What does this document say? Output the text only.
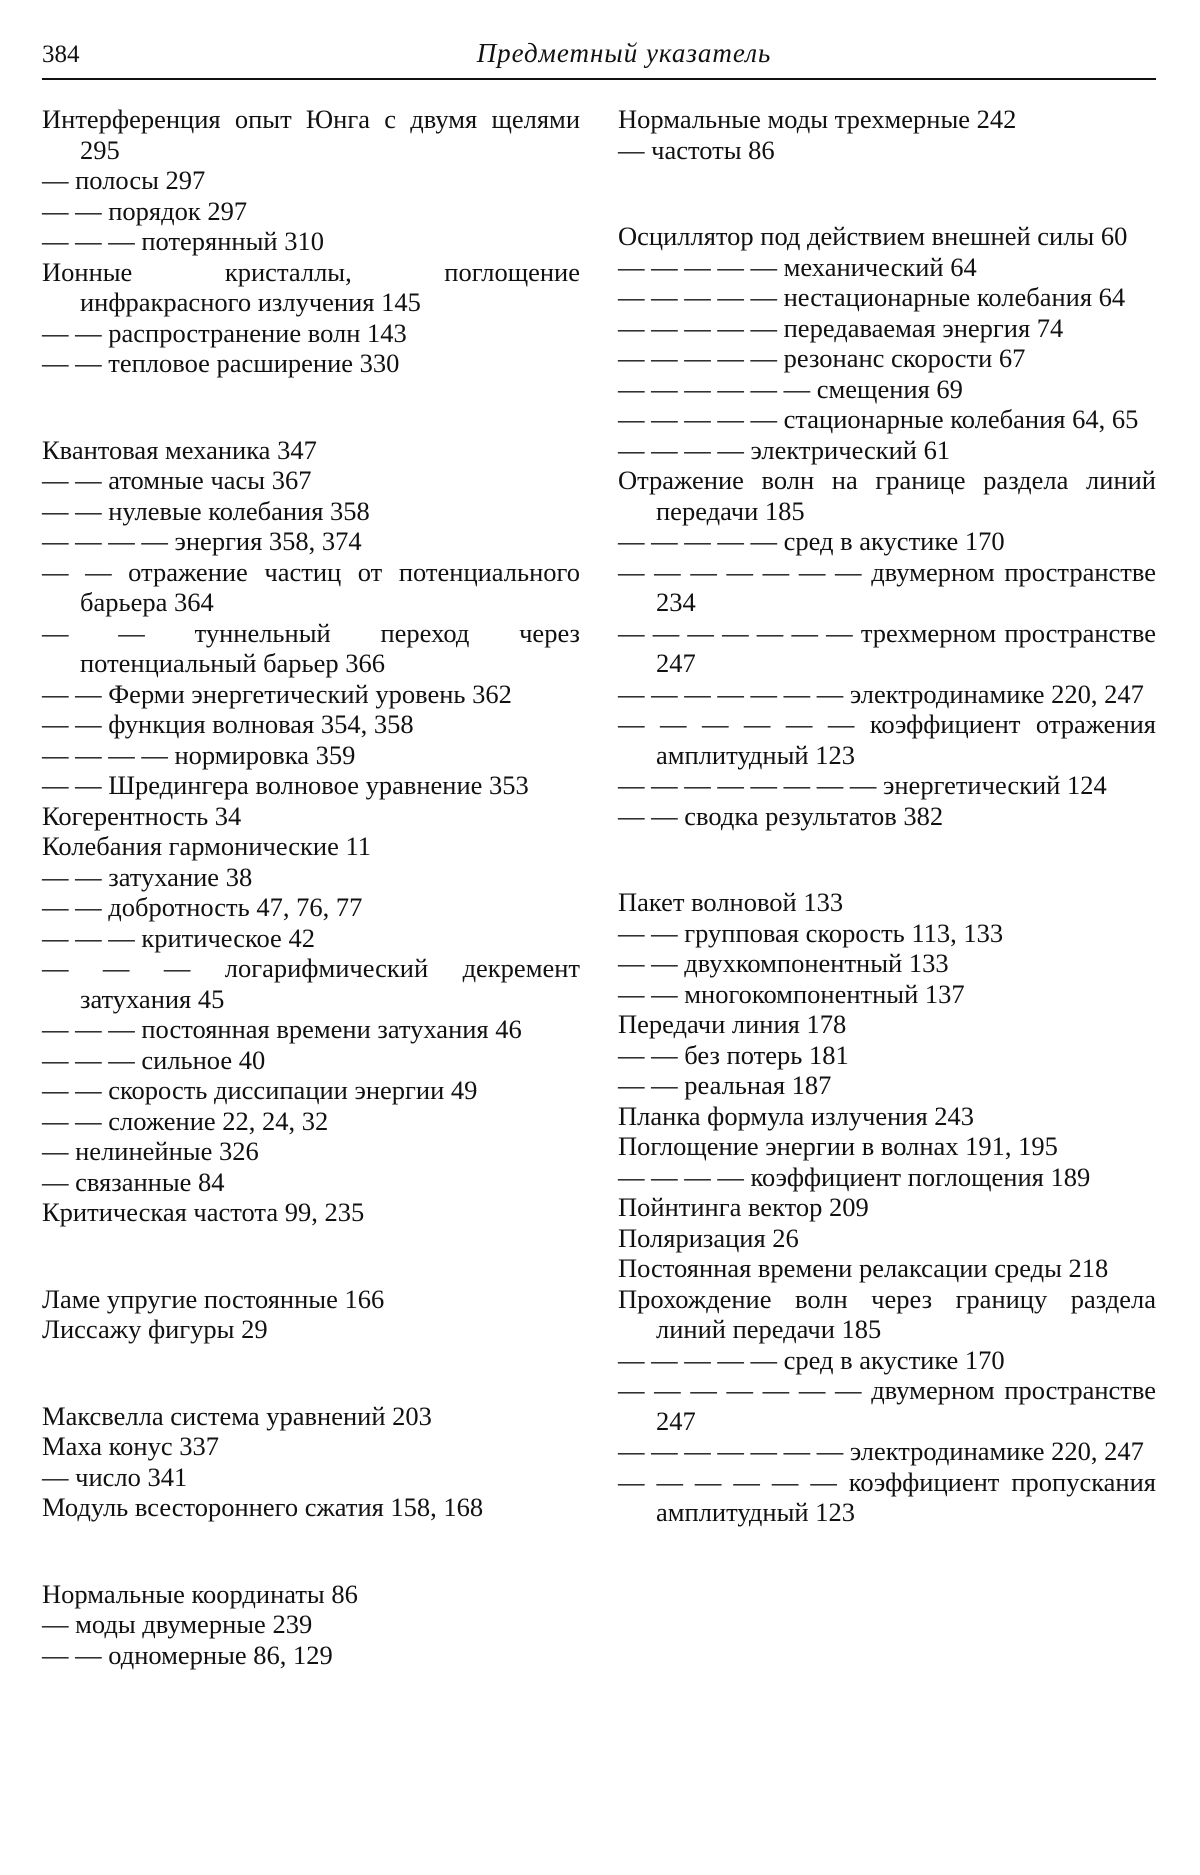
384	Предметный указатель
Интерференция опыт Юнга с двумя щелями 295
— полосы 297
— — порядок 297
— — — потерянный 310
Ионные кристаллы, поглощение инфракрасного излучения 145
— — распространение волн 143
— — тепловое расширение 330
Квантовая механика 347
— — атомные часы 367
— — нулевые колебания 358
— — — — энергия 358, 374
— — отражение частиц от потенциального барьера 364
— — туннельный переход через потенциальный барьер 366
— — Ферми энергетический уровень 362
— — функция волновая 354, 358
— — — — нормировка 359
— — Шредингера волновое уравнение 353
Когерентность 34
Колебания гармонические 11
— — затухание 38
— — добротность 47, 76, 77
— — — критическое 42
— — — логарифмический декремент затухания 45
— — — постоянная времени затухания 46
— — — сильное 40
— — скорость диссипации энергии 49
— — сложение 22, 24, 32
— нелинейные 326
— связанные 84
Критическая частота 99, 235
Ламе упругие постоянные 166
Лиссажу фигуры 29
Максвелла система уравнений 203
Маха конус 337
— число 341
Модуль всестороннего сжатия 158, 168
Нормальные координаты 86
— моды двумерные 239
— — одномерные 86, 129
Нормальные моды трехмерные 242
— частоты 86
Осциллятор под действием внешней силы 60
— — — — — механический 64
— — — — — нестационарные колебания 64
— — — — — передаваемая энергия 74
— — — — — резонанс скорости 67
— — — — — — смещения 69
— — — — — стационарные колебания 64, 65
— — — — электрический 61
Отражение волн на границе раздела линий передачи 185
— — — — — сред в акустике 170
— — — — — — — двумерном пространстве 234
— — — — — — — трехмерном пространстве 247
— — — — — — — электродинамике 220, 247
— — — — — — коэффициент отражения амплитудный 123
— — — — — — — — энергетический 124
— — сводка результатов 382
Пакет волновой 133
— — групповая скорость 113, 133
— — двухкомпонентный 133
— — многокомпонентный 137
Передачи линия 178
— — без потерь 181
— — реальная 187
Планка формула излучения 243
Поглощение энергии в волнах 191, 195
— — — — коэффициент поглощения 189
Пойнтинга вектор 209
Поляризация 26
Постоянная времени релаксации среды 218
Прохождение волн через границу раздела линий передачи 185
— — — — — сред в акустике 170
— — — — — — — двумерном пространстве 247
— — — — — — — электродинамике 220, 247
— — — — — — коэффициент пропускания амплитудный 123
